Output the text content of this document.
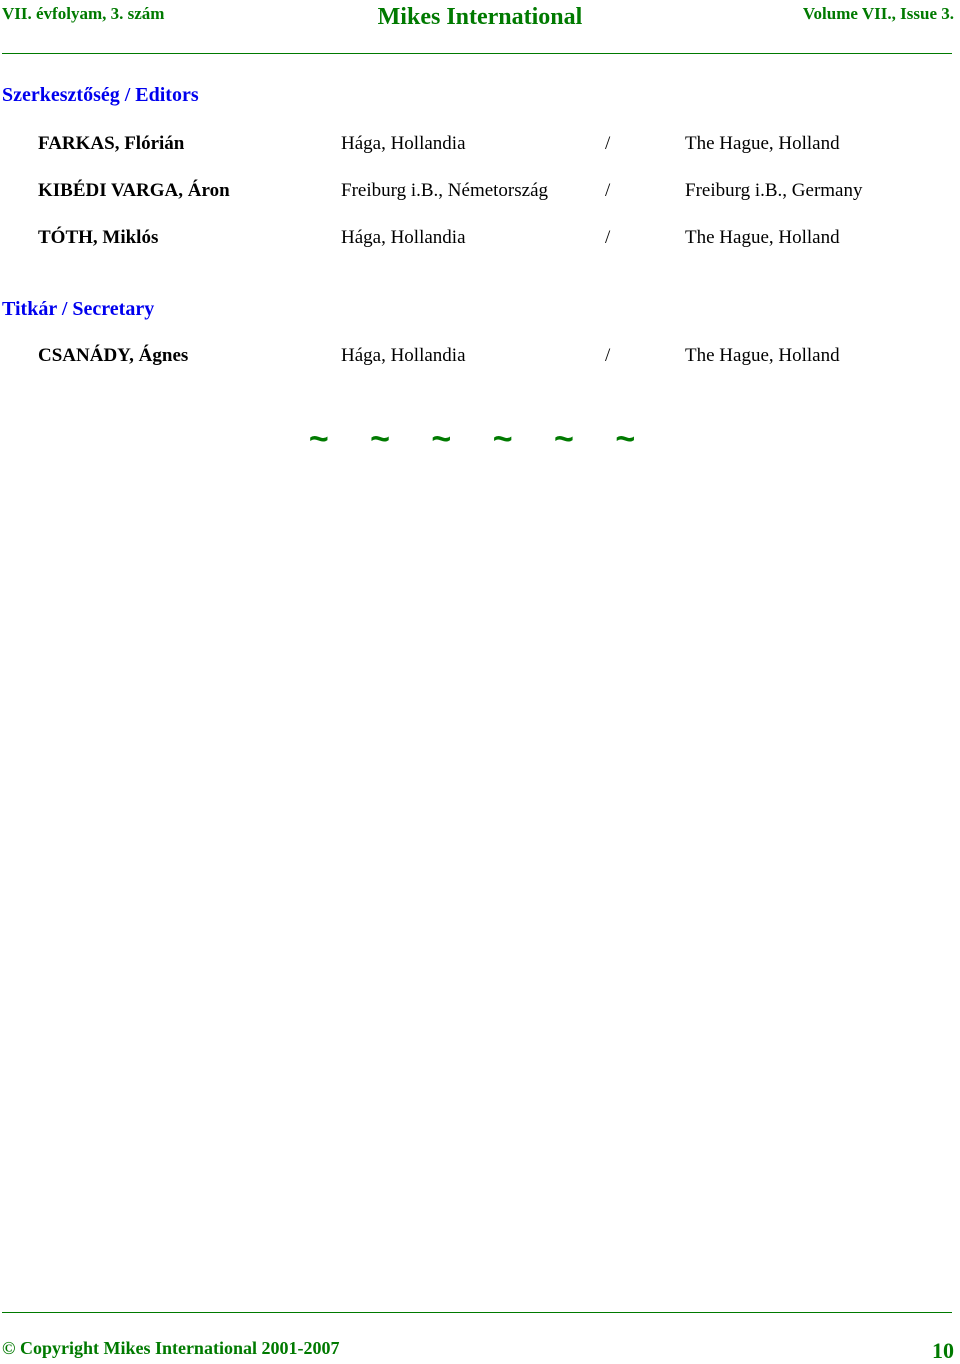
VII. évfolyam, 3. szám	Mikes International	Volume VII., Issue 3.
Szerkesztőség / Editors
FARKAS, Flórián	Hága, Hollandia	/	The Hague, Holland
KIBÉDI VARGA, Áron	Freiburg i.B., Németország	/	Freiburg i.B., Germany
TÓTH, Miklós	Hága, Hollandia	/	The Hague, Holland
Titkár / Secretary
CSANÁDY, Ágnes	Hága, Hollandia	/	The Hague, Holland
~ ~ ~ ~ ~ ~
© Copyright Mikes International 2001-2007	10
